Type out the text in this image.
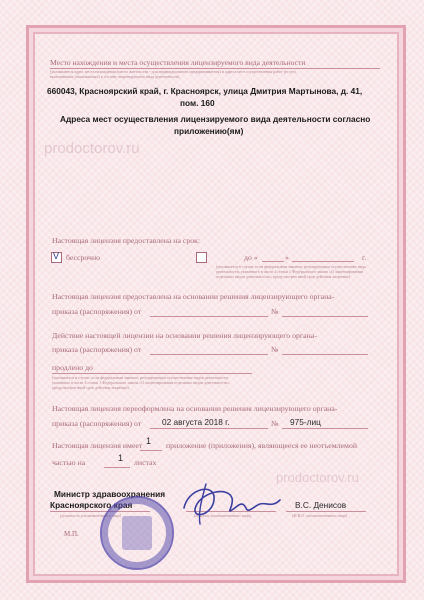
Место нахождения и места осуществления лицензируемого вида деятельности
(указываются адрес места нахождения (место жительства - для индивидуального предпринимателя) и адреса мест осуществления работ (услуг),
выполняемых (оказываемых) в составе лицензируемого вида деятельности)
660043, Красноярский край, г. Красноярск, улица Дмитрия Мартынова, д. 41,
пом. 160
Адреса мест осуществления лицензируемого вида деятельности согласно
приложению(ям)
prodoctorov.ru
Настоящая лицензия предоставлена на срок:
V бессрочно	до «	»	г.
(указывается в случае, если федеральным законом, регулирующим осуществление вида деятельности, указанного в части 4 статьи 1 Федерального закона «О лицензировании отдельных видов деятельности», предусмотрен иной срок действия лицензии)
Настоящая лицензия предоставлена на основании решения лицензирующего органа-
приказа (распоряжения) от	№
Действие настоящей лицензии на основании решения лицензирующего органа-
приказа (распоряжения) от	№
продлено до
(указывается в случае, если федеральным законом, регулирующим осуществление видов деятельности, указанных в части 4 статьи 1 Федерального закона «О лицензировании отдельных видов деятельности», предусмотрен иной срок действия лицензии)
Настоящая лицензия переоформлена на основании решения лицензирующего органа-
приказа (распоряжения) от 02 августа 2018 г.	№ 975-лиц
Настоящая лицензия имеет 1 приложение (приложения), являющееся ее неотъемлемой
частью на	1 листах
prodoctorov.ru
Министр здравоохранения
Красноярского края
(должность уполномоченного лица)	(подпись уполномоченного лица)
В.С. Денисов
(Ф.И.О. уполномоченного лица)
М.П.
